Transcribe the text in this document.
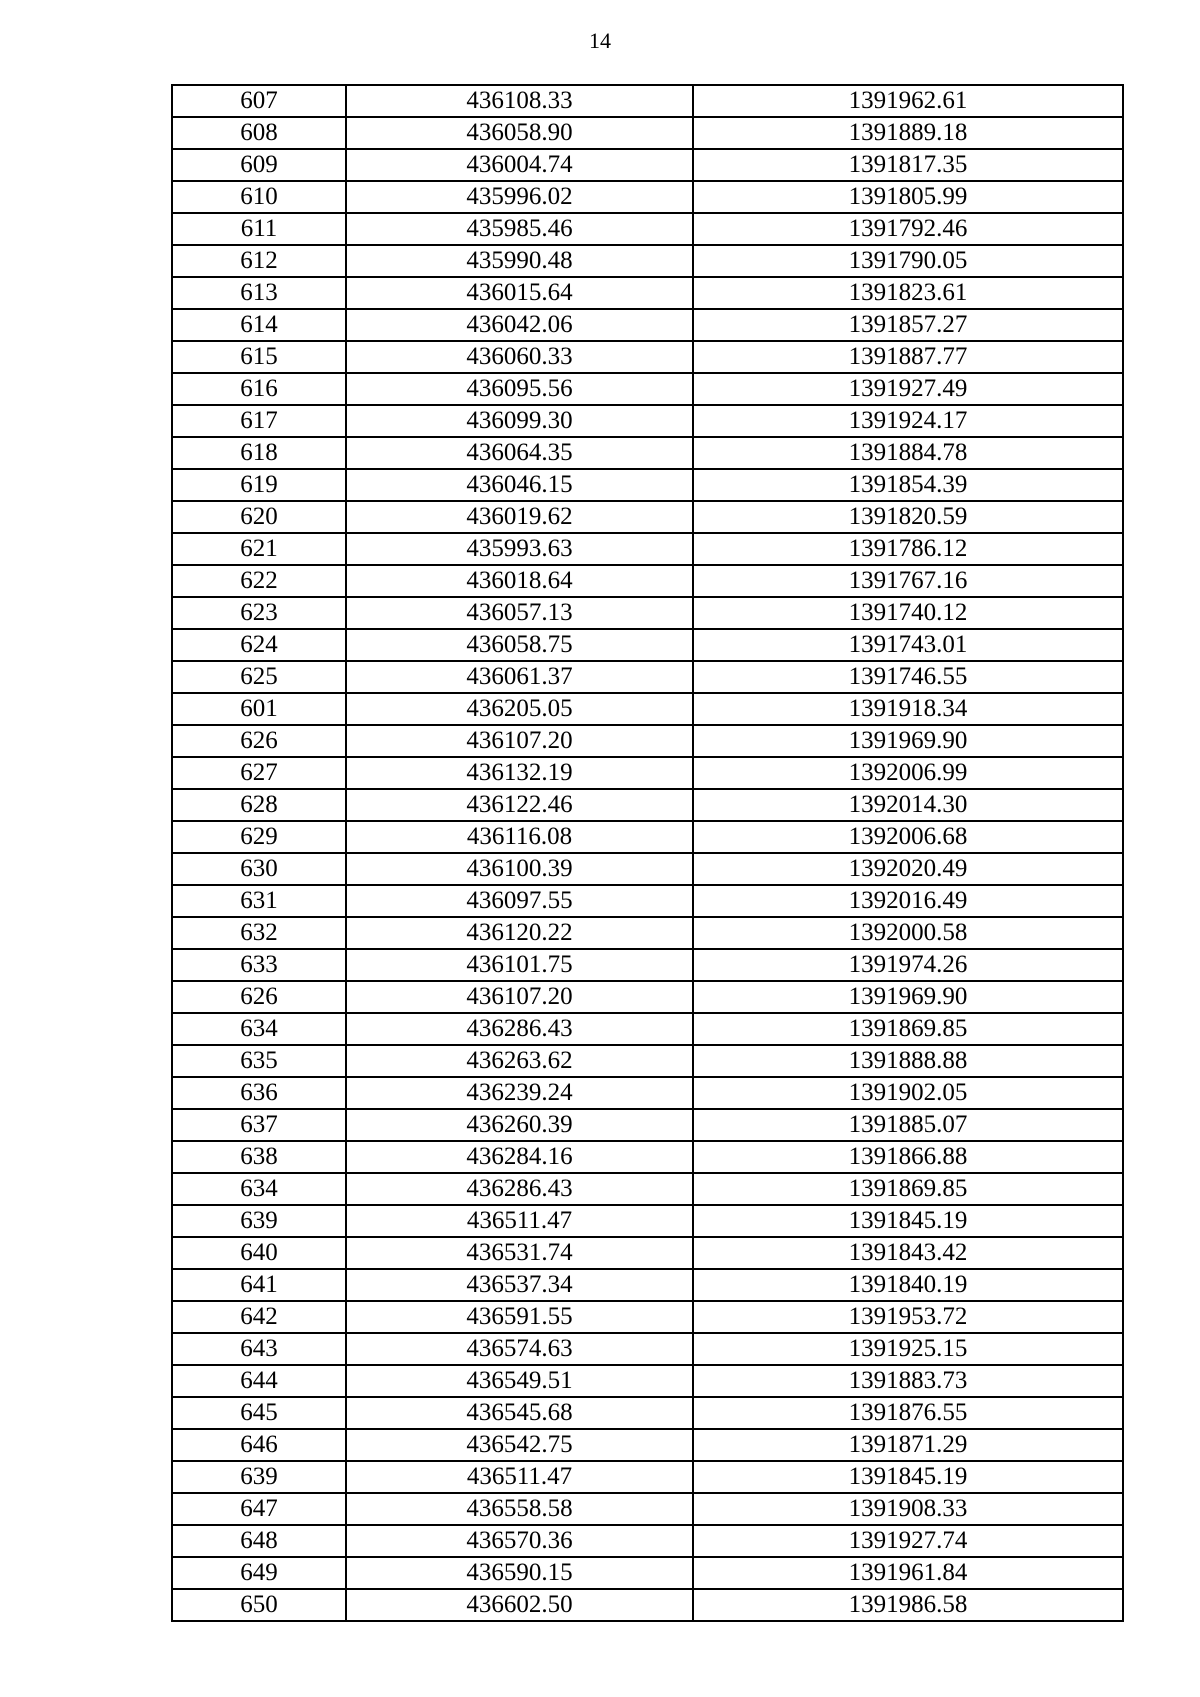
14
607	436108.33	1391962.61
608	436058.90	1391889.18
609	436004.74	1391817.35
610	435996.02	1391805.99
611	435985.46	1391792.46
612	435990.48	1391790.05
613	436015.64	1391823.61
614	436042.06	1391857.27
615	436060.33	1391887.77
616	436095.56	1391927.49
617	436099.30	1391924.17
618	436064.35	1391884.78
619	436046.15	1391854.39
620	436019.62	1391820.59
621	435993.63	1391786.12
622	436018.64	1391767.16
623	436057.13	1391740.12
624	436058.75	1391743.01
625	436061.37	1391746.55
601	436205.05	1391918.34
626	436107.20	1391969.90
627	436132.19	1392006.99
628	436122.46	1392014.30
629	436116.08	1392006.68
630	436100.39	1392020.49
631	436097.55	1392016.49
632	436120.22	1392000.58
633	436101.75	1391974.26
626	436107.20	1391969.90
634	436286.43	1391869.85
635	436263.62	1391888.88
636	436239.24	1391902.05
637	436260.39	1391885.07
638	436284.16	1391866.88
634	436286.43	1391869.85
639	436511.47	1391845.19
640	436531.74	1391843.42
641	436537.34	1391840.19
642	436591.55	1391953.72
643	436574.63	1391925.15
644	436549.51	1391883.73
645	436545.68	1391876.55
646	436542.75	1391871.29
639	436511.47	1391845.19
647	436558.58	1391908.33
648	436570.36	1391927.74
649	436590.15	1391961.84
650	436602.50	1391986.58
